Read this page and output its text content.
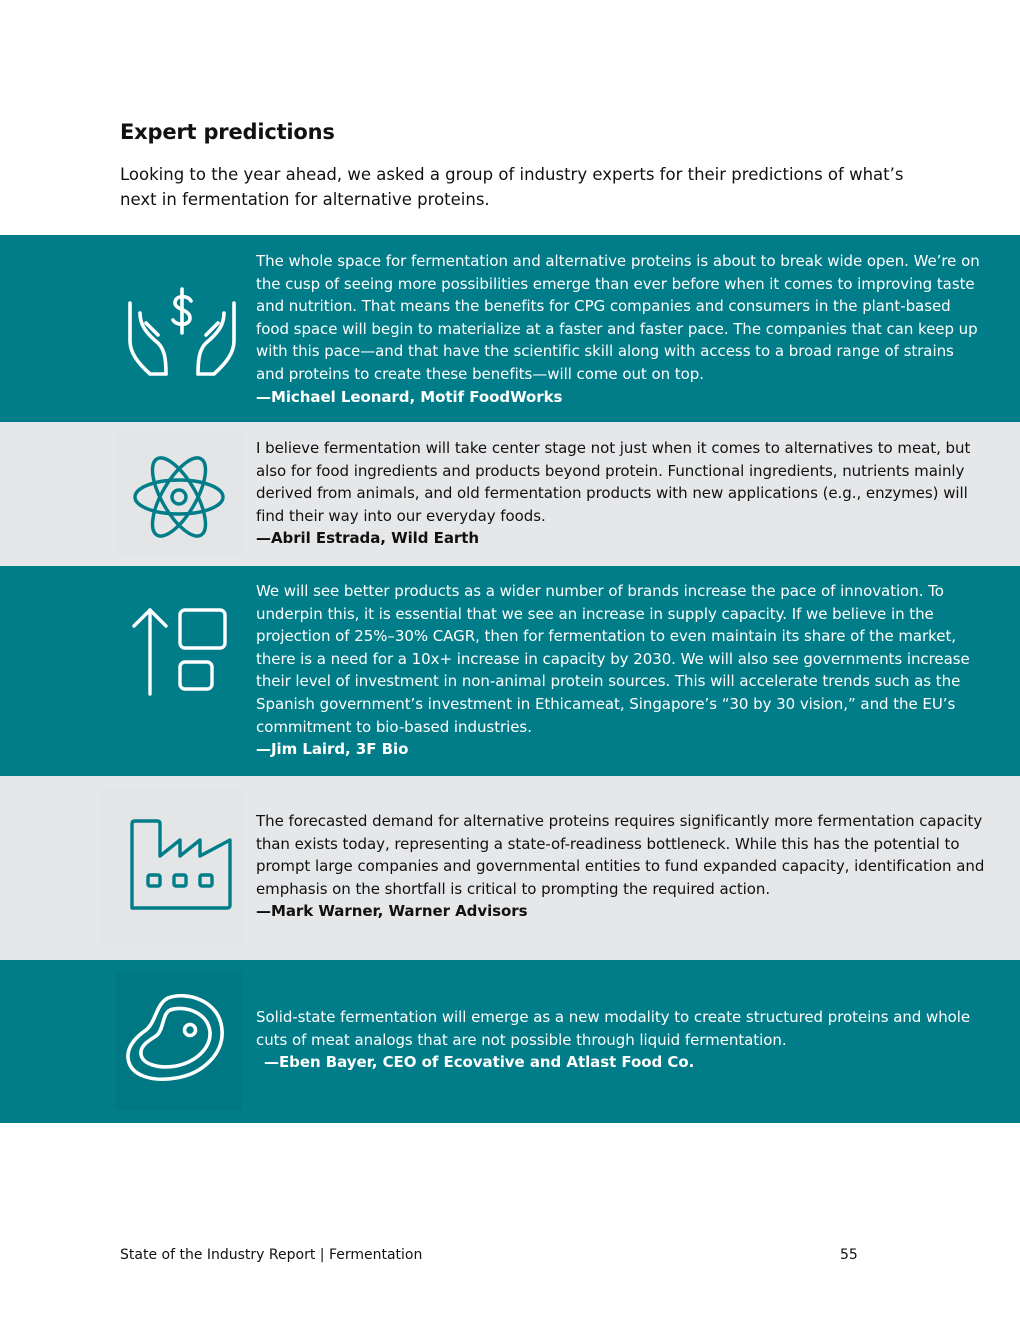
Expert predictions
Looking to the year ahead, we asked a group of industry experts for their predictions of what’s next in fermentation for alternative proteins.

The whole space for fermentation and alternative proteins is about to break wide open. We’re on the cusp of seeing more possibilities emerge than ever before when it comes to improving taste and nutrition. That means the benefits for CPG companies and consumers in the plant-based food space will begin to materialize at a faster and faster pace. The companies that can keep up with this pace—and that have the scientific skill along with access to a broad range of strains and proteins to create these benefits—will come out on top.

—Michael Leonard, Motif FoodWorks

I believe fermentation will take center stage not just when it comes to alternatives to meat, but also for food ingredients and products beyond protein. Functional ingredients, nutrients mainly derived from animals, and old fermentation products with new applications (e.g., enzymes) will find their way into our everyday foods.

—Abril Estrada, Wild Earth

We will see better products as a wider number of brands increase the pace of innovation. To underpin this, it is essential that we see an increase in supply capacity. If we believe in the projection of 25%–30% CAGR, then for fermentation to even maintain its share of the market, there is a need for a 10x+ increase in capacity by 2030. We will also see governments increase their level of investment in non-animal protein sources. This will accelerate trends such as the Spanish government’s investment in Ethicameat, Singapore’s “30 by 30 vision,” and the EU’s commitment to bio-based industries.

—Jim Laird, 3F Bio

The forecasted demand for alternative proteins requires significantly more fermentation capacity than exists today, representing a state-of-readiness bottleneck. While this has the potential to prompt large companies and governmental entities to fund expanded capacity, identification and emphasis on the shortfall is critical to prompting the required action.

—Mark Warner, Warner Advisors

Solid-state fermentation will emerge as a new modality to create structured proteins and whole cuts of meat analogs that are not possible through liquid fermentation.

—Eben Bayer, CEO of Ecovative and Atlast Food Co.

State of the Industry Report | Fermentation	55
